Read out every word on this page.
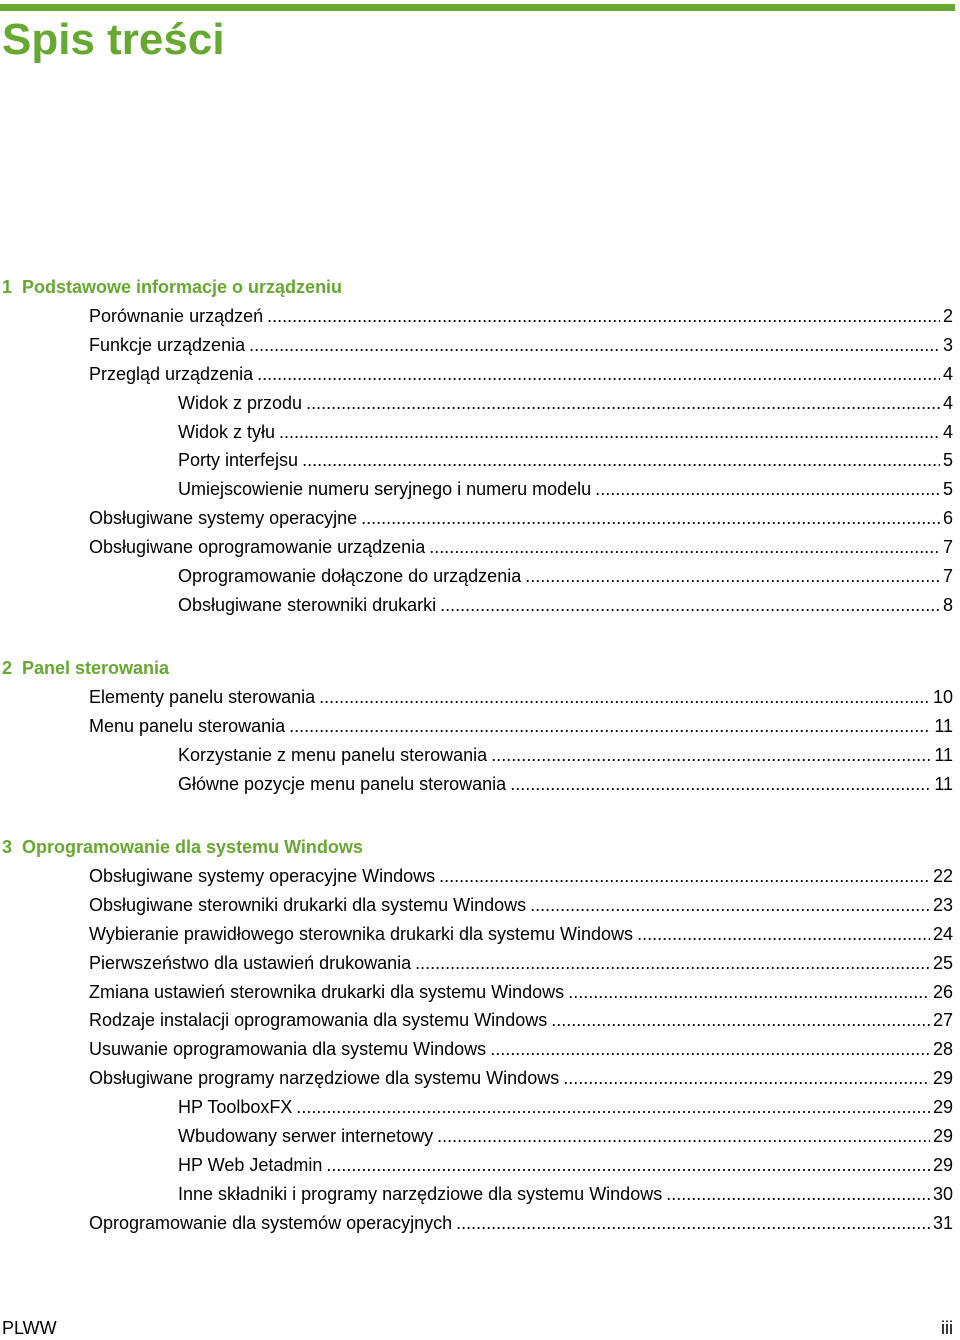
Spis treści
1 Podstawowe informacje o urządzeniu
Porównanie urządzeń .....	2
Funkcje urządzenia .....	3
Przegląd urządzenia .....	4
Widok z przodu .....	4
Widok z tyłu .....	4
Porty interfejsu .....	5
Umiejscowienie numeru seryjnego i numeru modelu .....	5
Obsługiwane systemy operacyjne .....	6
Obsługiwane oprogramowanie urządzenia .....	7
Oprogramowanie dołączone do urządzenia .....	7
Obsługiwane sterowniki drukarki .....	8
2 Panel sterowania
Elementy panelu sterowania .....	10
Menu panelu sterowania .....	11
Korzystanie z menu panelu sterowania .....	11
Główne pozycje menu panelu sterowania .....	11
3 Oprogramowanie dla systemu Windows
Obsługiwane systemy operacyjne Windows .....	22
Obsługiwane sterowniki drukarki dla systemu Windows .....	23
Wybieranie prawidłowego sterownika drukarki dla systemu Windows .....	24
Pierwszeństwo dla ustawień drukowania .....	25
Zmiana ustawień sterownika drukarki dla systemu Windows .....	26
Rodzaje instalacji oprogramowania dla systemu Windows .....	27
Usuwanie oprogramowania dla systemu Windows .....	28
Obsługiwane programy narzędziowe dla systemu Windows .....	29
HP ToolboxFX .....	29
Wbudowany serwer internetowy .....	29
HP Web Jetadmin .....	29
Inne składniki i programy narzędziowe dla systemu Windows .....	30
Oprogramowanie dla systemów operacyjnych .....	31
PLWW	iii
